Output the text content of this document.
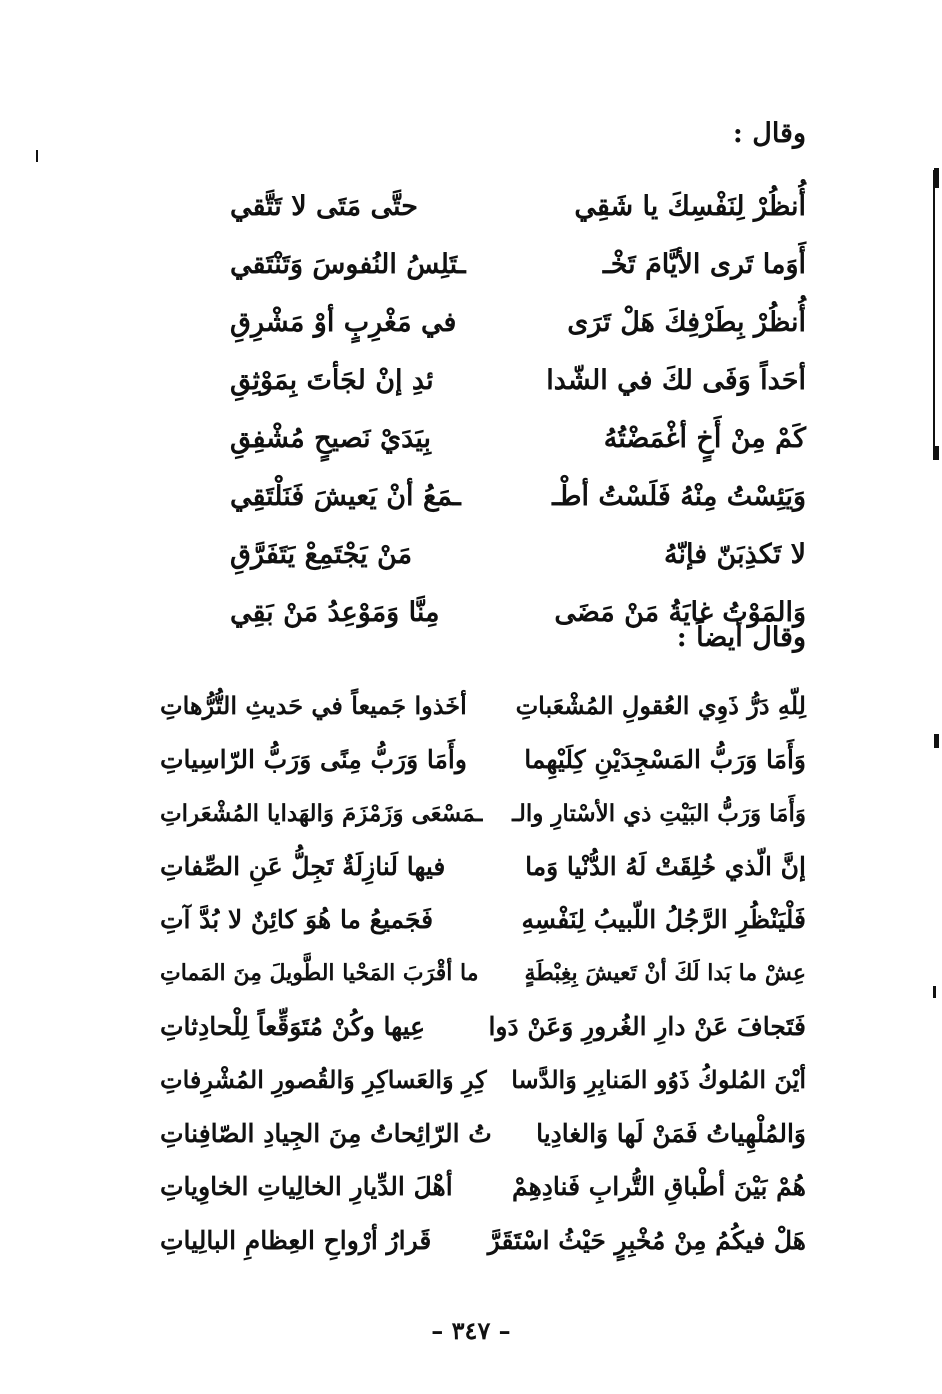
وقال :
أُنظُرْ لِنَفْسِكَ يا شَقِي
حتَّى مَتَى لا تَتَّقي
أَوَما تَرى الأيَّامَ تَخْـ
ـتَلِسُ النُفوسَ وَتَنْتَقي
أُنظُرْ بِطَرْفِكَ هَلْ تَرَى
في مَغْرِبٍ أوْ مَشْرِقِ
أحَداً وَفَى لكَ في الشّدا
ئدِ إنْ لجَأتَ بِمَوْثِقِ
كَمْ مِنْ أَخٍ أغْمَضْتُهُ
بِيَدَيْ نَصيحٍ مُشْفِقِ
وَيَئِسْتُ مِنْهُ فَلَسْتُ أطْـ
ـمَعُ أنْ يَعيشَ فَنَلْتَقِي
لا تَكذِبَنّ فإنّهُ
مَنْ يَجْتَمِعْ يَتَفَرَّقِ
وَالمَوْتُ غايَةُ مَنْ مَضَى
مِنَّا وَمَوْعِدُ مَنْ بَقِي
وقال أيضاً :
لِلّهِ دَرُّ ذَوِي العُقولِ المُشْعَباتِ
أخَذوا جَميعاً في حَديثِ التُّرُّهاتِ
وَأَمَا وَرَبُّ المَسْجِدَيْنِ كِلَيْهِما
وأَمَا وَرَبُّ مِنًى وَرَبُّ الرّاسِياتِ
وَأَمَا وَرَبُّ البَيْتِ ذي الأسْتارِ والـ
ـمَسْعَى وَزَمْزَمَ وَالهَدايا المُشْعَراتِ
إنَّ الّذي خُلِقَتْ لَهُ الدُّنْيا وَما
فيها لَنازِلَةٌ تَجِلُّ عَنِ الصِّفاتِ
فَلْيَنْظُرِ الرَّجُلُ اللّبيبُ لِنَفْسِهِ
فَجَميعُ ما هُوَ كائِنٌ لا بُدَّ آتِ
عِشْ ما بَدا لَكَ أنْ تَعيشَ بِغِبْطَةٍ
ما أقْرَبَ المَحْيا الطَّويلَ مِنَ المَماتِ
فَتَجافَ عَنْ دارِ الغُرورِ وَعَنْ دَوا
عِيها وكُنْ مُتَوَقِّعاً لِلْحادِثاتِ
أيْنَ المُلوكُ ذَوُو المَنابِرِ وَالدَّسا
كِرِ وَالعَساكِرِ وَالقُصورِ المُشْرِفاتِ
وَالمُلْهِياتُ فَمَنْ لَها وَالغادِيا
تُ الرّائِحاتُ مِنَ الجِيادِ الصّافِناتِ
هُمْ بَيْنَ أطْباقِ التُّرابِ فَنادِهِمْ
أهْلَ الدِّيارِ الخالِياتِ الخاوِياتِ
هَلْ فيكُمُ مِنْ مُخْبِرٍ حَيْثُ اسْتَقَرَّ
قَرارُ أرْواحِ العِظامِ البالِياتِ
– ٣٤٧ –
